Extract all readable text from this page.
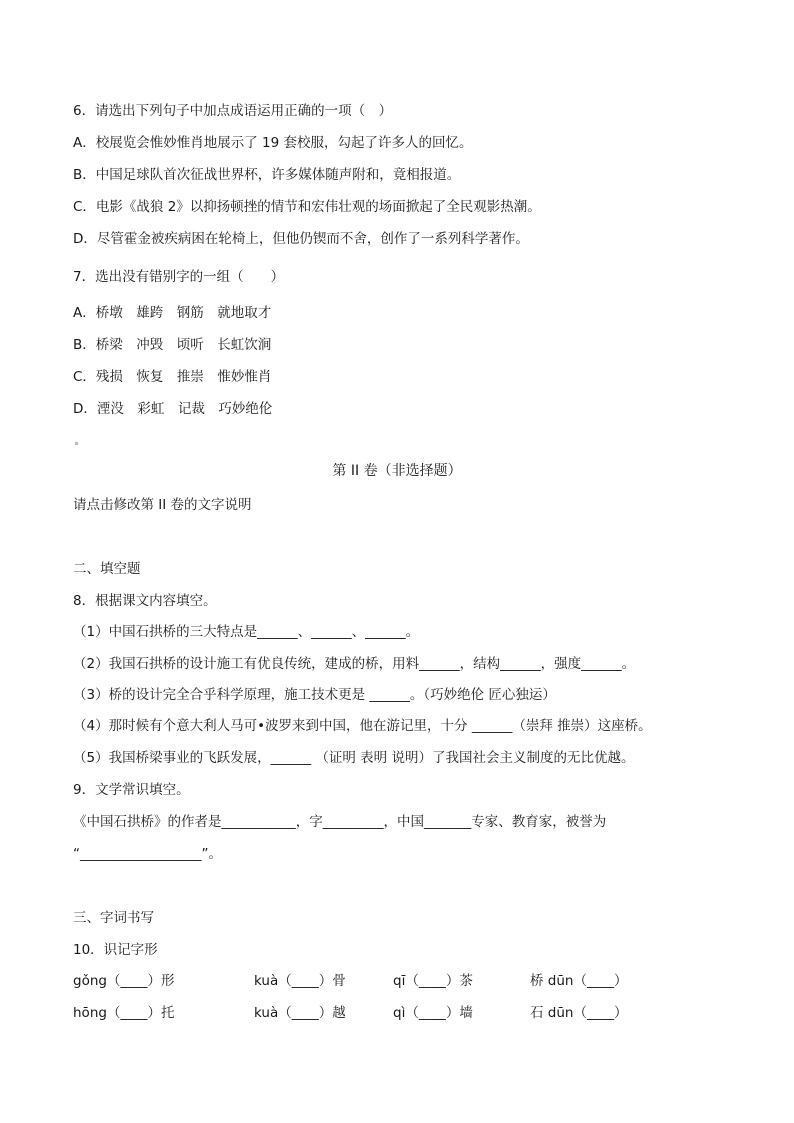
6．请选出下列句子中加点成语运用正确的一项（　）
A．校展览会惟妙惟肖地展示了 19 套校服，勾起了许多人的回忆。
B．中国足球队首次征战世界杯，许多媒体随声附和，竟相报道。
C．电影《战狼 2》以抑扬顿挫的情节和宏伟壮观的场面掀起了全民观影热潮。
D．尽管霍金被疾病困在轮椅上，但他仍锲而不舍，创作了一系列科学著作。
7．选出没有错别字的一组（　　）
A．桥墩　雄跨　钢筋　就地取才
B．桥梁　冲毁　顷听　长虹饮涧
C．残损　恢复　推崇　惟妙惟肖
D．湮没　彩虹　记裁　巧妙绝伦
第 II 卷（非选择题）
请点击修改第 II 卷的文字说明
二、填空题
8．根据课文内容填空。
（1）中国石拱桥的三大特点是______、______、______。
（2）我国石拱桥的设计施工有优良传统，建成的桥，用料______，结构______，强度______。
（3）桥的设计完全合乎科学原理，施工技术更是 ______。（巧妙绝伦 匠心独运）
（4）那时候有个意大利人马可•波罗来到中国，他在游记里，十分 ______（崇拜 推崇）这座桥。
（5）我国桥梁事业的飞跃发展，______ （证明 表明 说明）了我国社会主义制度的无比优越。
9．文学常识填空。
《中国石拱桥》的作者是___________，字_________，中国_______专家、教育家，被誉为
“__________________”。
三、字词书写
10．识记字形
gǒng（____）形	kuà（____）骨	qī（____）茶	桥 dūn（____）
hōng（____）托	kuà（____）越	qì（____）墙	石 dūn（____）
